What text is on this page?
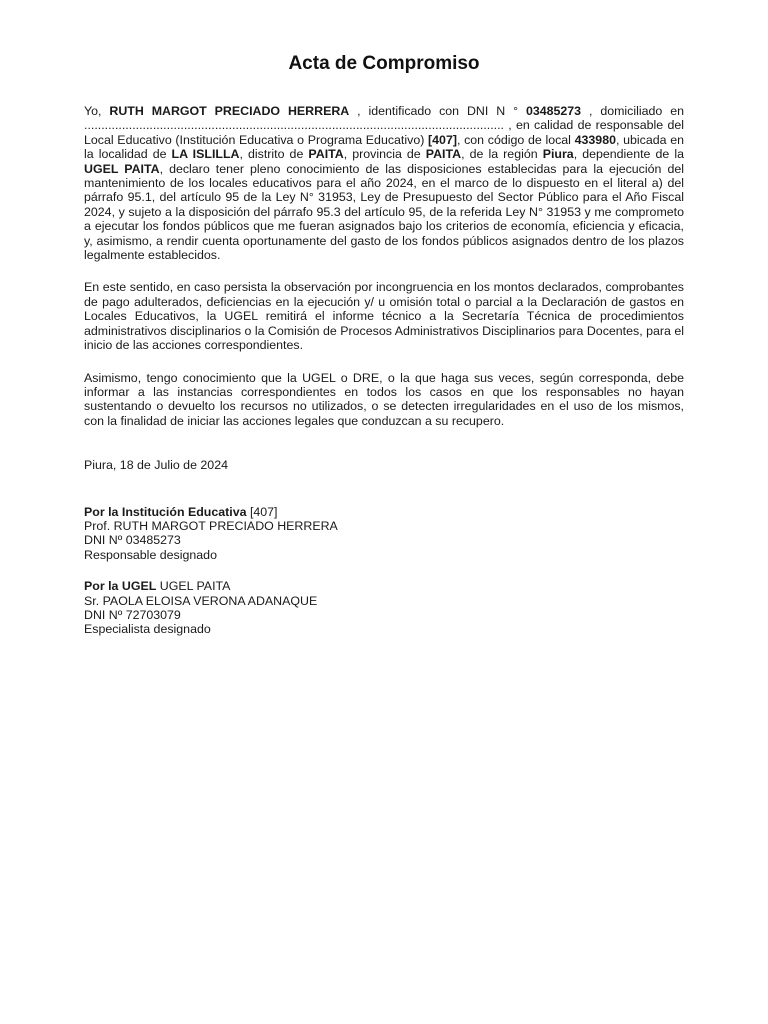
Acta de Compromiso

Yo, RUTH MARGOT PRECIADO HERRERA , identificado con DNI N ° 03485273 , domiciliado en .......................................................................................................................... , en calidad de responsable del Local Educativo (Institución Educativa o Programa Educativo) [407], con código de local 433980, ubicada en la localidad de LA ISLILLA, distrito de PAITA, provincia de PAITA, de la región Piura, dependiente de la UGEL PAITA, declaro tener pleno conocimiento de las disposiciones establecidas para la ejecución del mantenimiento de los locales educativos para el año 2024, en el marco de lo dispuesto en el literal a) del párrafo 95.1, del artículo 95 de la Ley N° 31953, Ley de Presupuesto del Sector Público para el Año Fiscal 2024, y sujeto a la disposición del párrafo 95.3 del artículo 95, de la referida Ley N° 31953 y me comprometo a ejecutar los fondos públicos que me fueran asignados bajo los criterios de economía, eficiencia y eficacia, y, asimismo, a rendir cuenta oportunamente del gasto de los fondos públicos asignados dentro de los plazos legalmente establecidos.

En este sentido, en caso persista la observación por incongruencia en los montos declarados, comprobantes de pago adulterados, deficiencias en la ejecución y/ u omisión total o parcial a la Declaración de gastos en Locales Educativos, la UGEL remitirá el informe técnico a la Secretaría Técnica de procedimientos administrativos disciplinarios o la Comisión de Procesos Administrativos Disciplinarios para Docentes, para el inicio de las acciones correspondientes.

Asimismo, tengo conocimiento que la UGEL o DRE, o la que haga sus veces, según corresponda, debe informar a las instancias correspondientes en todos los casos en que los responsables no hayan sustentando o devuelto los recursos no utilizados, o se detecten irregularidades en el uso de los mismos, con la finalidad de iniciar las acciones legales que conduzcan a su recupero.

Piura, 18 de Julio de 2024
Por la Institución Educativa [407]
Prof. RUTH MARGOT PRECIADO HERRERA
DNI Nº 03485273
Responsable designado
Por la UGEL UGEL PAITA
Sr. PAOLA ELOISA VERONA ADANAQUE
DNI Nº 72703079
Especialista designado
